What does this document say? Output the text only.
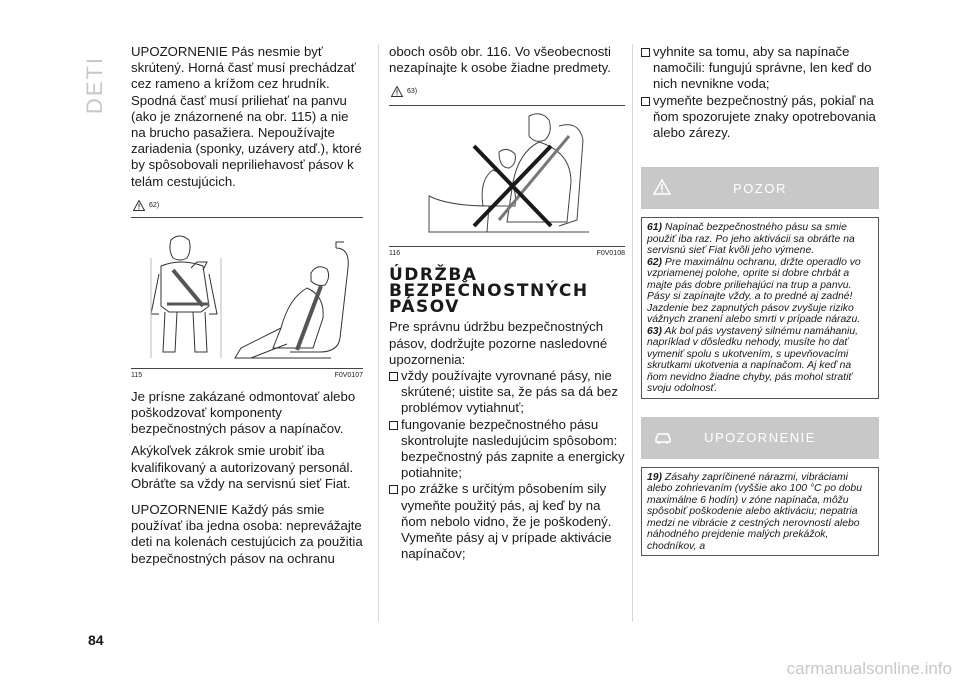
DETI

UPOZORNENIE Pás nesmie byť skrútený. Horná časť musí prechádzať cez rameno a krížom cez hrudník. Spodná časť musí priliehať na panvu (ako je znázornené na obr. 115) a nie na brucho pasažiera. Nepoužívajte zariadenia (sponky, uzávery atď.), ktoré by spôsobovali nepriliehavosť pásov k telám cestujúcich.

62)
115	F0V0107

Je prísne zakázané odmontovať alebo poškodzovať komponenty bezpečnostných pásov a napínačov.

Akýkoľvek zákrok smie urobiť iba kvalifikovaný a autorizovaný personál. Obráťte sa vždy na servisnú sieť Fiat.

UPOZORNENIE Každý pás smie používať iba jedna osoba: neprevážajte deti na kolenách cestujúcich za použitia bezpečnostných pásov na ochranu

oboch osôb obr. 116. Vo všeobecnosti nezapínajte k osobe žiadne predmety.

63)
116	F0V0108
ÚDRŽBA BEZPEČNOSTNÝCH PÁSOV

Pre správnu údržbu bezpečnostných pásov, dodržujte pozorne nasledovné upozornenia:

vždy používajte vyrovnané pásy, nie skrútené; uistite sa, že pás sa dá bez problémov vytiahnuť;

fungovanie bezpečnostného pásu skontrolujte nasledujúcim spôsobom: bezpečnostný pás zapnite a energicky potiahnite;

po zrážke s určitým pôsobením sily vymeňte použitý pás, aj keď by na ňom nebolo vidno, že je poškodený. Vymeňte pásy aj v prípade aktivácie napínačov;

vyhnite sa tomu, aby sa napínače namočili: fungujú správne, len keď do nich nevnikne voda;

vymeňte bezpečnostný pás, pokiaľ na ňom spozorujete znaky opotrebovania alebo zárezy.

POZOR

61) Napínač bezpečnostného pásu sa smie použiť iba raz. Po jeho aktivácii sa obráťte na servisnú sieť Fiat kvôli jeho výmene.

62) Pre maximálnu ochranu, držte operadlo vo vzpriamenej polohe, oprite si dobre chrbát a majte pás dobre priliehajúci na trup a panvu. Pásy si zapínajte vždy, a to predné aj zadné! Jazdenie bez zapnutých pásov zvyšuje riziko vážnych zranení alebo smrti v prípade nárazu.

63) Ak bol pás vystavený silnému namáhaniu, napríklad v dôsledku nehody, musíte ho dať vymeniť spolu s ukotvením, s upevňovacími skrutkami ukotvenia a napínačom. Aj keď na ňom nevidno žiadne chyby, pás mohol stratiť svoju odolnosť.

UPOZORNENIE

19) Zásahy zapríčinené nárazmi, vibráciami alebo zohrievaním (vyššie ako 100 °C po dobu maximálne 6 hodín) v zóne napínača, môžu spôsobiť poškodenie alebo aktiváciu; nepatria medzi ne vibrácie z cestných nerovností alebo náhodného prejdenie malých prekážok, chodníkov, a

84
carmanualsonline.info
